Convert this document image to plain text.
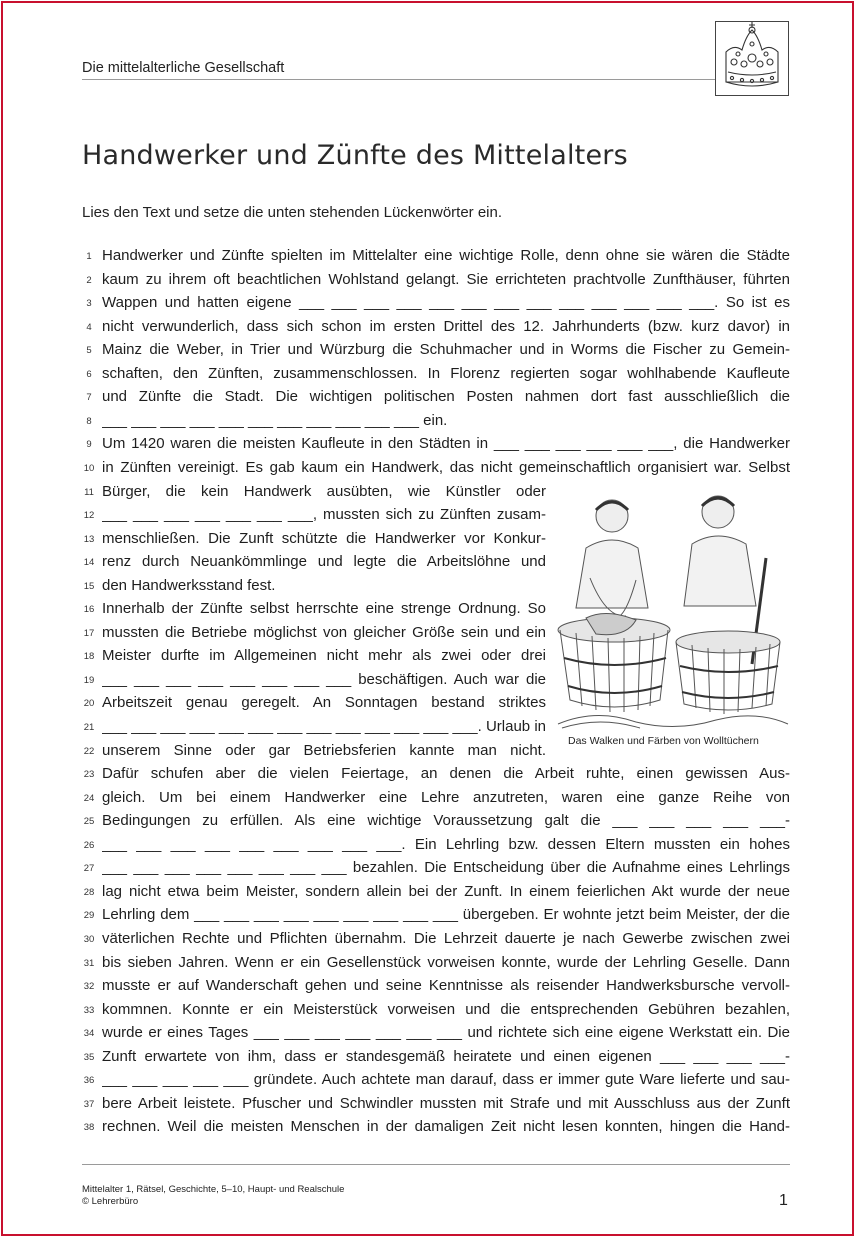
Die mittelalterliche Gesellschaft
Handwerker und Zünfte des Mittelalters
Lies den Text und setze die unten stehenden Lückenwörter ein.
1 Handwerker und Zünfte spielten im Mittelalter eine wichtige Rolle, denn ohne sie wären die Städte
2 kaum zu ihrem oft beachtlichen Wohlstand gelangt. Sie errichteten prachtvolle Zunfthäuser, führten
3 Wappen und hatten eigene ___ ___ ___ ___ ___ ___ ___ ___ ___ ___ ___ ___ ___. So ist es
4 nicht verwunderlich, dass sich schon im ersten Drittel des 12. Jahrhunderts (bzw. kurz davor) in
5 Mainz die Weber, in Trier und Würzburg die Schuhmacher und in Worms die Fischer zu Gemein-
6 schaften, den Zünften, zusammenschlossen. In Florenz regierten sogar wohlhabende Kaufleute
7 und Zünfte die Stadt. Die wichtigen politischen Posten nahmen dort fast ausschließlich die
8 ___ ___ ___ ___ ___ ___ ___ ___ ___ ___ ___ ein.
9 Um 1420 waren die meisten Kaufleute in den Städten in ___ ___ ___ ___ ___ ___, die Handwerker
10 in Zünften vereinigt. Es gab kaum ein Handwerk, das nicht gemeinschaftlich organisiert war. Selbst
11 Bürger, die kein Handwerk ausübten, wie Künstler oder
12 ___ ___ ___ ___ ___ ___ ___, mussten sich zu Zünften zusam-
13 menschließen. Die Zunft schützte die Handwerker vor Konkur-
14 renz durch Neuankömmlinge und legte die Arbeitslöhne und
15 den Handwerksstand fest.
16 Innerhalb der Zünfte selbst herrschte eine strenge Ordnung. So
17 mussten die Betriebe möglichst von gleicher Größe sein und ein
18 Meister durfte im Allgemeinen nicht mehr als zwei oder drei
19 ___ ___ ___ ___ ___ ___ ___ ___ beschäftigen. Auch war die
20 Arbeitszeit genau geregelt. An Sonntagen bestand striktes
21 ___ ___ ___ ___ ___ ___ ___ ___ ___ ___ ___ ___ ___. Urlaub in
22 unserem Sinne oder gar Betriebsferien kannte man nicht.
23 Dafür schufen aber die vielen Feiertage, an denen die Arbeit ruhte, einen gewissen Aus-
24 gleich. Um bei einem Handwerker eine Lehre anzutreten, waren eine ganze Reihe von
25 Bedingungen zu erfüllen. Als eine wichtige Voraussetzung galt die ___ ___ ___ ___ ___-
26 ___ ___ ___ ___ ___ ___ ___ ___ ___. Ein Lehrling bzw. dessen Eltern mussten ein hohes
27 ___ ___ ___ ___ ___ ___ ___ ___ bezahlen. Die Entscheidung über die Aufnahme eines Lehrlings
28 lag nicht etwa beim Meister, sondern allein bei der Zunft. In einem feierlichen Akt wurde der neue
29 Lehrling dem ___ ___ ___ ___ ___ ___ ___ ___ ___ übergeben. Er wohnte jetzt beim Meister, der die
30 väterlichen Rechte und Pflichten übernahm. Die Lehrzeit dauerte je nach Gewerbe zwischen zwei
31 bis sieben Jahren. Wenn er ein Gesellenstück vorweisen konnte, wurde der Lehrling Geselle. Dann
32 musste er auf Wanderschaft gehen und seine Kenntnisse als reisender Handwerksbursche vervoll-
33 kommnen. Konnte er ein Meisterstück vorweisen und die entsprechenden Gebühren bezahlen,
34 wurde er eines Tages ___ ___ ___ ___ ___ ___ ___ und richtete sich eine eigene Werkstatt ein. Die
35 Zunft erwartete von ihm, dass er standesgemäß heiratete und einen eigenen ___ ___ ___ ___-
36 ___ ___ ___ ___ ___ gründete. Auch achtete man darauf, dass er immer gute Ware lieferte und sau-
37 bere Arbeit leistete. Pfuscher und Schwindler mussten mit Strafe und mit Ausschluss aus der Zunft
38 rechnen. Weil die meisten Menschen in der damaligen Zeit nicht lesen konnten, hingen die Hand-
Das Walken und Färben von Wolltüchern
Mittelalter 1, Rätsel, Geschichte, 5–10, Haupt- und Realschule
© Lehrerbüro	1
